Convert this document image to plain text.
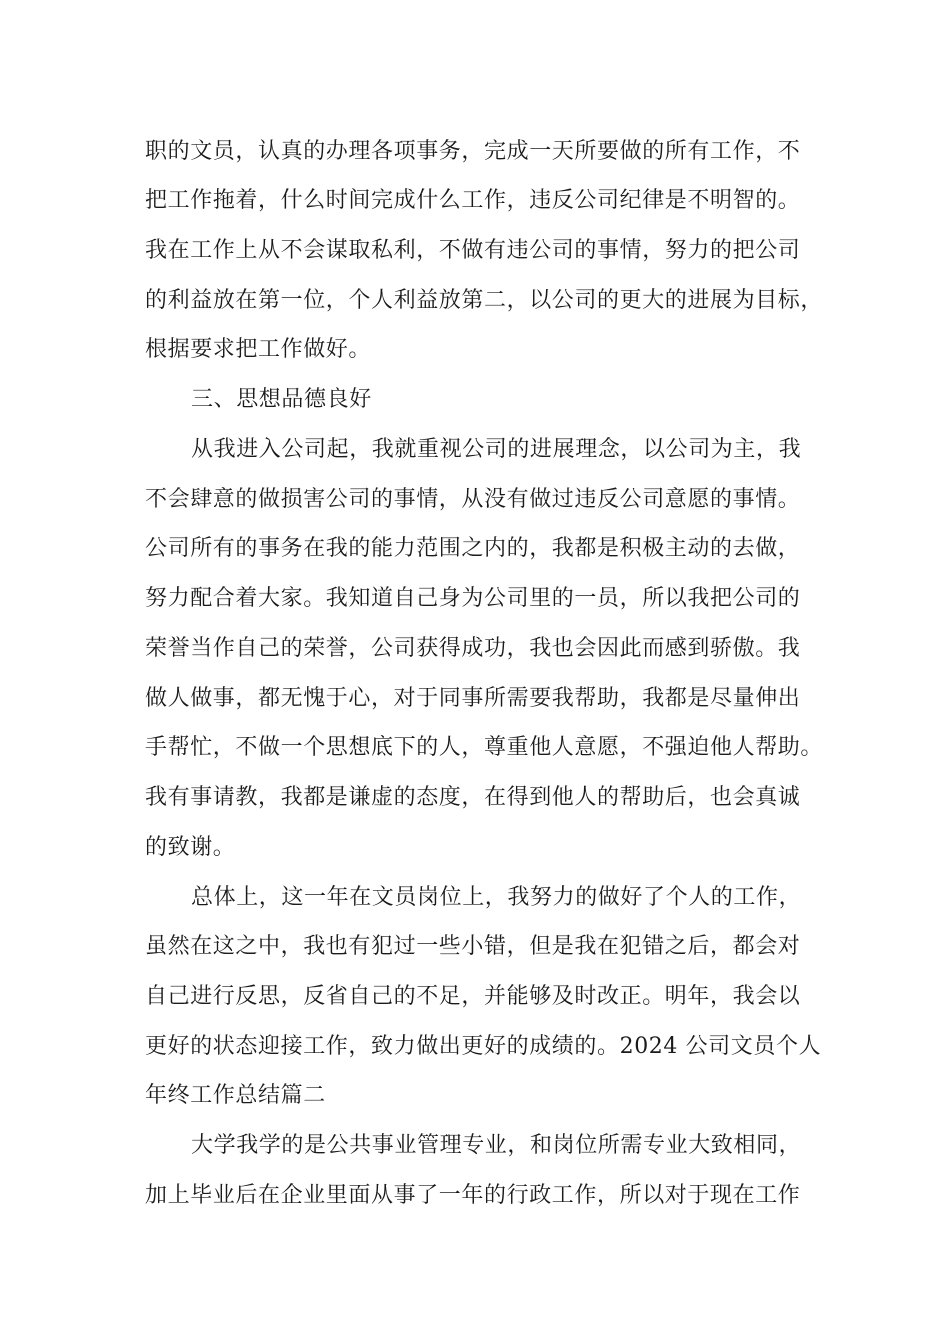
职的文员，认真的办理各项事务，完成一天所要做的所有工作，不
把工作拖着，什么时间完成什么工作，违反公司纪律是不明智的。
我在工作上从不会谋取私利，不做有违公司的事情，努力的把公司
的利益放在第一位，个人利益放第二，以公司的更大的进展为目标，
根据要求把工作做好。
三、思想品德良好
从我进入公司起，我就重视公司的进展理念，以公司为主，我
不会肆意的做损害公司的事情，从没有做过违反公司意愿的事情。
公司所有的事务在我的能力范围之内的，我都是积极主动的去做，
努力配合着大家。我知道自己身为公司里的一员，所以我把公司的
荣誉当作自己的荣誉，公司获得成功，我也会因此而感到骄傲。我
做人做事，都无愧于心，对于同事所需要我帮助，我都是尽量伸出
手帮忙，不做一个思想底下的人，尊重他人意愿，不强迫他人帮助。
我有事请教，我都是谦虚的态度，在得到他人的帮助后，也会真诚
的致谢。
总体上，这一年在文员岗位上，我努力的做好了个人的工作，
虽然在这之中，我也有犯过一些小错，但是我在犯错之后，都会对
自己进行反思，反省自己的不足，并能够及时改正。明年，我会以
更好的状态迎接工作，致力做出更好的成绩的。2024 公司文员个人
年终工作总结篇二
大学我学的是公共事业管理专业，和岗位所需专业大致相同，
加上毕业后在企业里面从事了一年的行政工作，所以对于现在工作
